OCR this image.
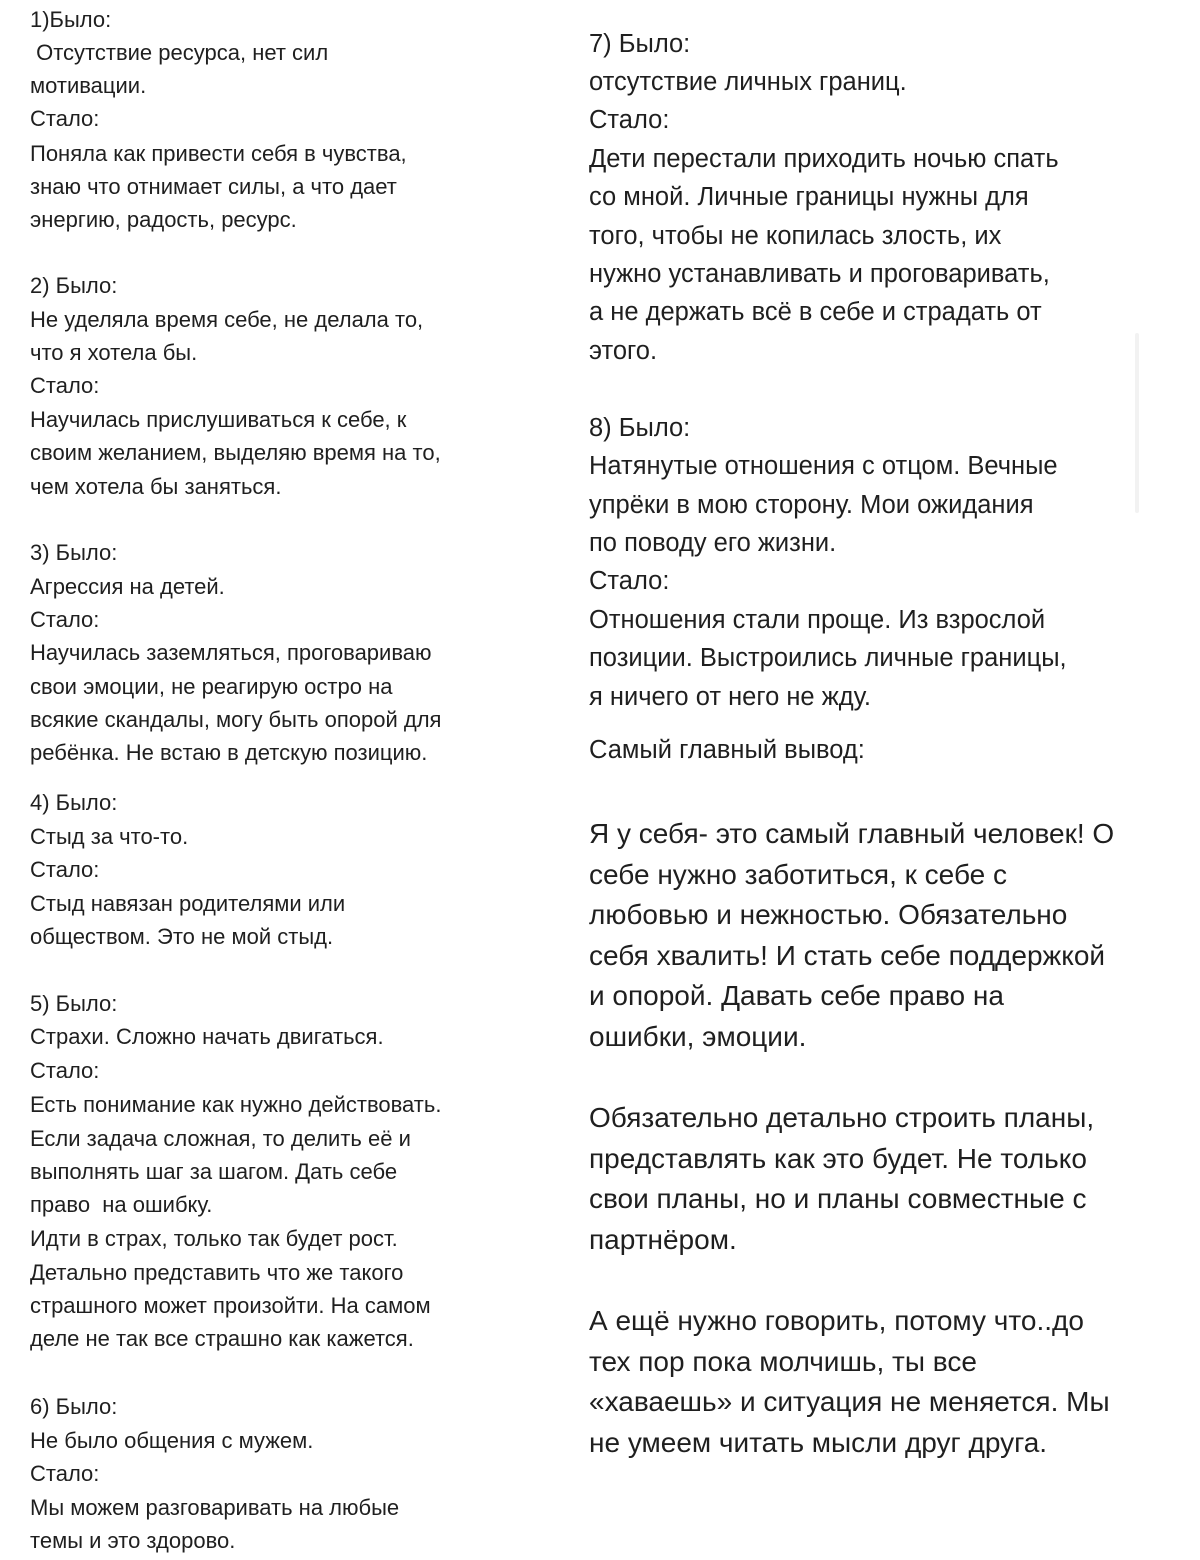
1)Было:
Отсутствие ресурса, нет сил
мотивации.
Стало:
Поняла как привести себя в чувства,
знаю что отнимает силы, а что дает
энергию, радость, ресурс.
2) Было:
Не уделяла время себе, не делала то,
что я хотела бы.
Стало:
Научилась прислушиваться к себе, к
своим желанием, выделяю время на то,
чем хотела бы заняться.
3) Было:
Агрессия на детей.
Стало:
Научилась заземляться, проговариваю
свои эмоции, не реагирую остро на
всякие скандалы, могу быть опорой для
ребёнка. Не встаю в детскую позицию.
4) Было:
Стыд за что-то.
Стало:
Стыд навязан родителями или
обществом. Это не мой стыд.
5) Было:
Страхи. Сложно начать двигаться.
Стало:
Есть понимание как нужно действовать.
Если задача сложная, то делить её и
выполнять шаг за шагом. Дать себе
право  на ошибку.
Идти в страх, только так будет рост.
Детально представить что же такого
страшного может произойти. На самом
деле не так все страшно как кажется.
6) Было:
Не было общения с мужем.
Стало:
Мы можем разговаривать на любые
темы и это здорово.
7) Было:
отсутствие личных границ.
Стало:
Дети перестали приходить ночью спать
со мной. Личные границы нужны для
того, чтобы не копилась злость, их
нужно устанавливать и проговаривать,
а не держать всё в себе и страдать от
этого.
8) Было:
Натянутые отношения с отцом. Вечные
упрёки в мою сторону. Мои ожидания
по поводу его жизни.
Стало:
Отношения стали проще. Из взрослой
позиции. Выстроились личные границы,
я ничего от него не жду.
Самый главный вывод:
Я у себя- это самый главный человек! О
себе нужно заботиться, к себе с
любовью и нежностью. Обязательно
себя хвалить! И стать себе поддержкой
и опорой. Давать себе право на
ошибки, эмоции.
Обязательно детально строить планы,
представлять как это будет. Не только
свои планы, но и планы совместные с
партнёром.
А ещё нужно говорить, потому что..до
тех пор пока молчишь, ты все
«хаваешь» и ситуация не меняется. Мы
не умеем читать мысли друг друга.
